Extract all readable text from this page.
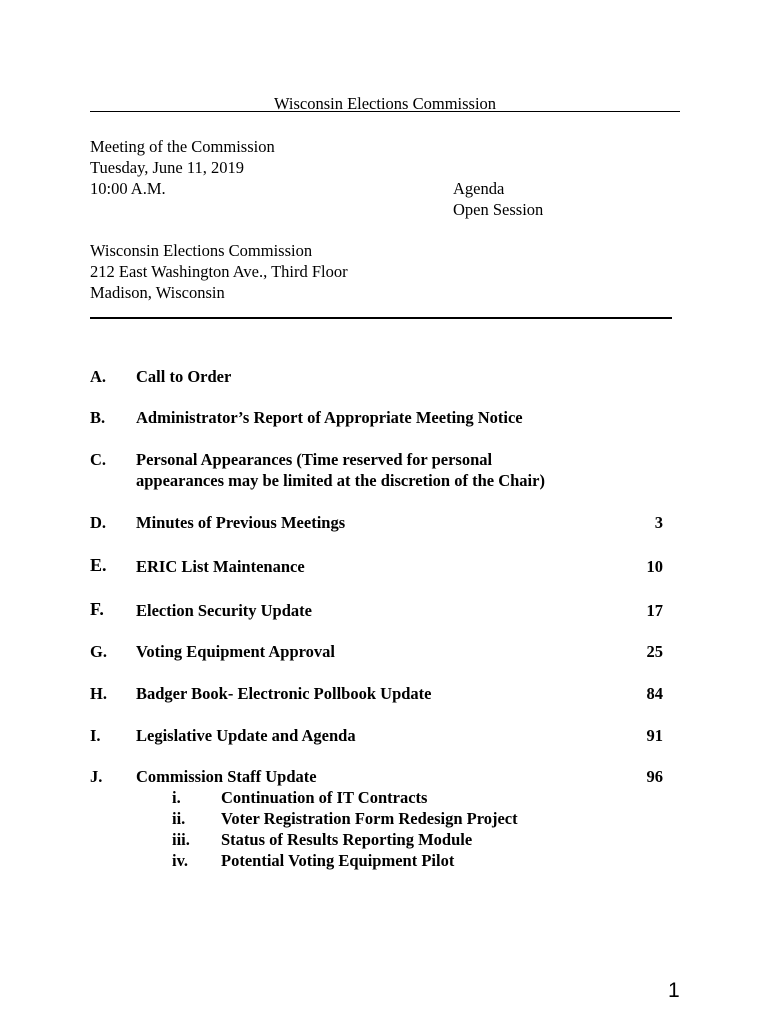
Wisconsin Elections Commission
Meeting of the Commission
Tuesday, June 11, 2019
10:00 A.M.	Agenda
Open Session
Wisconsin Elections Commission
212 East Washington Ave., Third Floor
Madison, Wisconsin
A. Call to Order
B. Administrator’s Report of Appropriate Meeting Notice
C. Personal Appearances (Time reserved for personal
appearances may be limited at the discretion of the Chair)
D. Minutes of Previous Meetings	3
E. ERIC List Maintenance	10
F. Election Security Update	17
G. Voting Equipment Approval	25
H. Badger Book- Electronic Pollbook Update	84
I. Legislative Update and Agenda	91
J. Commission Staff Update	96
i. Continuation of IT Contracts
ii. Voter Registration Form Redesign Project
iii. Status of Results Reporting Module
iv. Potential Voting Equipment Pilot
1
